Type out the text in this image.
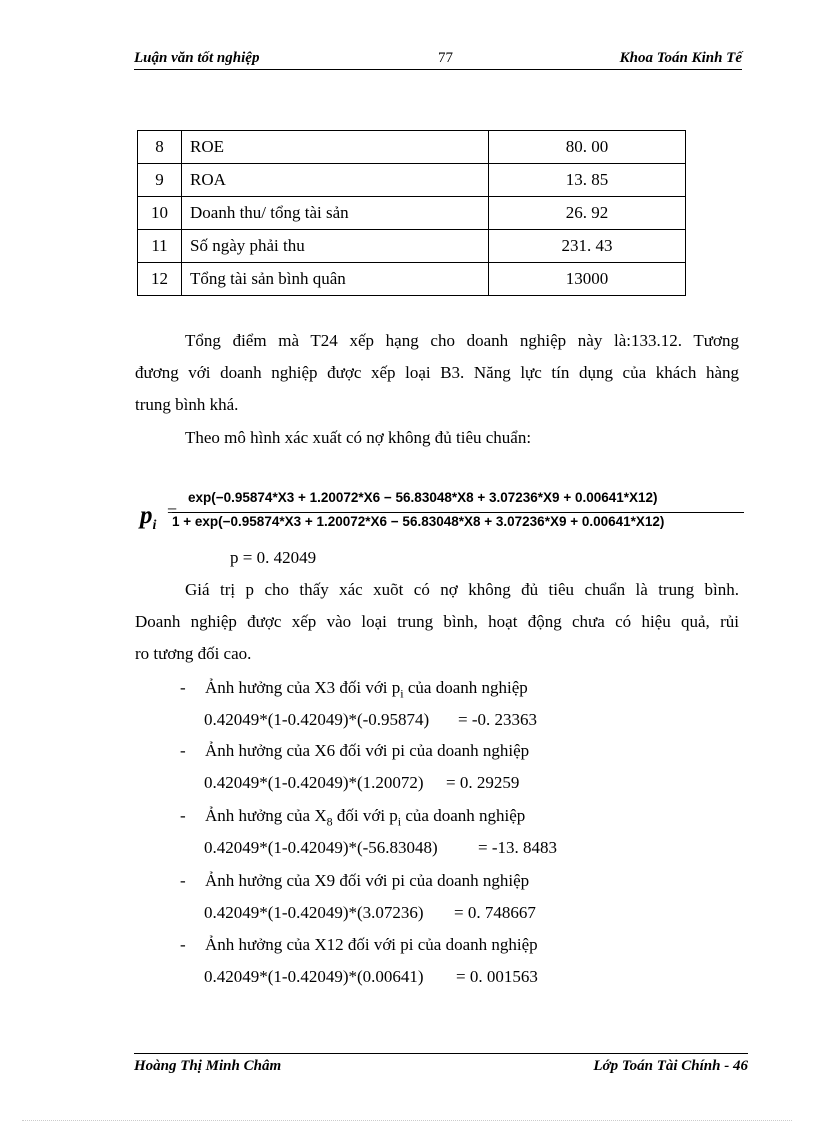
Luận văn tốt nghiệp	77	Khoa Toán Kinh Tế
8	ROE	80. 00
9	ROA	13. 85
10	Doanh thu/ tổng tài sản	26. 92
11	Số ngày phải thu	231. 43
12	Tổng tài sản bình quân	13000
Tổng điểm mà T24 xếp hạng cho doanh nghiệp này là:133.12. Tương
đương với doanh nghiệp được xếp loại B3. Năng lực tín dụng của khách hàng
trung bình khá.
Theo mô hình xác xuất có nợ không đủ tiêu chuẩn:
$p_i$
=
exp(−0.95874*X3 + 1.20072*X6 − 56.83048*X8 + 3.07236*X9 + 0.00641*X12)
1 + exp(−0.95874*X3 + 1.20072*X6 − 56.83048*X8 + 3.07236*X9 + 0.00641*X12)
p = 0. 42049
Giá trị p cho thấy xác xuõt có nợ không đủ tiêu chuẩn là trung bình.
Doanh nghiệp được xếp vào loại trung bình, hoạt động chưa có hiệu quả, rủi
ro tương đối cao.
- Ảnh hưởng của X3 đối với $p_i$ của doanh nghiệp
0.42049*(1-0.42049)*(-0.95874) = -0. 23363
- Ảnh hưởng của X6 đối với pi của doanh nghiệp
0.42049*(1-0.42049)*(1.20072) = 0. 29259
- Ảnh hưởng của $X_8$ đối với $p_i$ của doanh nghiệp
0.42049*(1-0.42049)*(-56.83048) = -13. 8483
- Ảnh hưởng của X9 đối với pi của doanh nghiệp
0.42049*(1-0.42049)*(3.07236) = 0. 748667
- Ảnh hưởng của X12 đối với pi của doanh nghiệp
0.42049*(1-0.42049)*(0.00641) = 0. 001563
Hoàng Thị Minh Châm	Lớp Toán Tài Chính - 46
